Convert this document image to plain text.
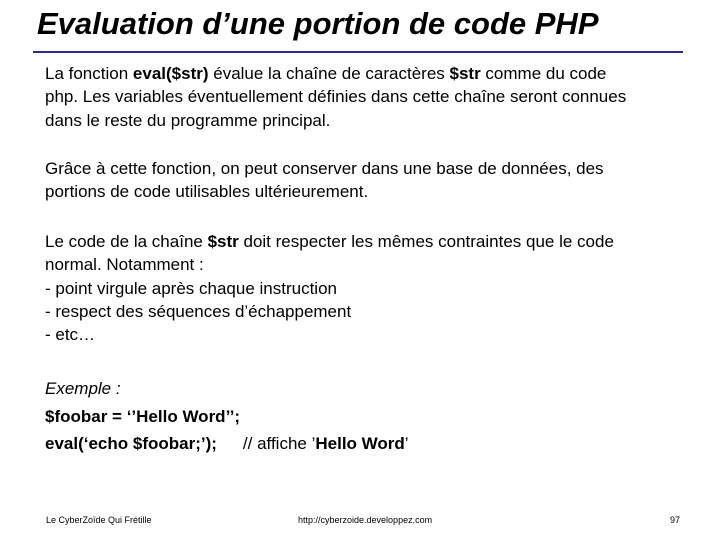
Evaluation d’une portion de code PHP
La fonction eval($str) évalue la chaîne de caractères $str comme du code
php. Les variables éventuellement définies dans cette chaîne seront connues
dans le reste du programme principal.
Grâce à cette fonction, on peut conserver dans une base de données, des
portions de code utilisables ultérieurement.
Le code de la chaîne $str doit respecter les mêmes contraintes que le code
normal. Notamment :
- point virgule après chaque instruction
- respect des séquences d’échappement
- etc…
Exemple :
$foobar = ‘’Hello Word’’;
eval(‘echo $foobar;’); // affiche ’Hello Word’
Le CyberZoïde Qui Frétille	http://cyberzoide.developpez.com	97
